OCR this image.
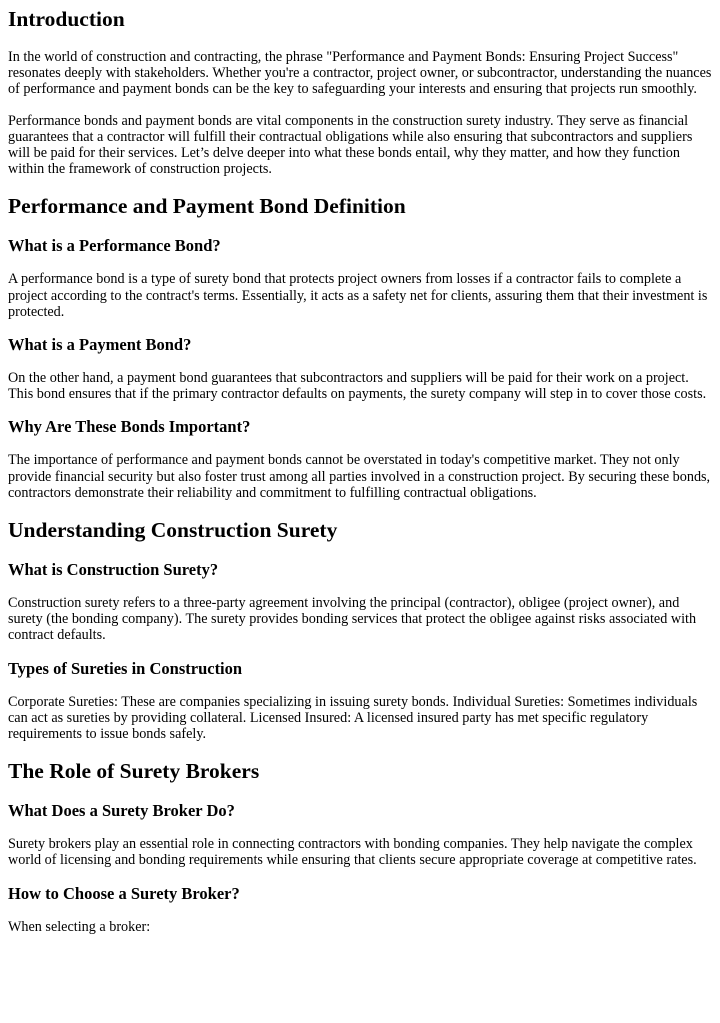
Introduction

In the world of construction and contracting, the phrase "Performance and Payment Bonds: Ensuring Project Success" resonates deeply with stakeholders. Whether you're a contractor, project owner, or subcontractor, understanding the nuances of performance and payment bonds can be the key to safeguarding your interests and ensuring that projects run smoothly.

Performance bonds and payment bonds are vital components in the construction surety industry. They serve as financial guarantees that a contractor will fulfill their contractual obligations while also ensuring that subcontractors and suppliers will be paid for their services. Let’s delve deeper into what these bonds entail, why they matter, and how they function within the framework of construction projects.

Performance and Payment Bond Definition
What is a Performance Bond?

A performance bond is a type of surety bond that protects project owners from losses if a contractor fails to complete a project according to the contract's terms. Essentially, it acts as a safety net for clients, assuring them that their investment is protected.

What is a Payment Bond?

On the other hand, a payment bond guarantees that subcontractors and suppliers will be paid for their work on a project. This bond ensures that if the primary contractor defaults on payments, the surety company will step in to cover those costs.

Why Are These Bonds Important?

The importance of performance and payment bonds cannot be overstated in today's competitive market. They not only provide financial security but also foster trust among all parties involved in a construction project. By securing these bonds, contractors demonstrate their reliability and commitment to fulfilling contractual obligations.

Understanding Construction Surety
What is Construction Surety?

Construction surety refers to a three-party agreement involving the principal (contractor), obligee (project owner), and surety (the bonding company). The surety provides bonding services that protect the obligee against risks associated with contract defaults.

Types of Sureties in Construction

Corporate Sureties: These are companies specializing in issuing surety bonds. Individual Sureties: Sometimes individuals can act as sureties by providing collateral. Licensed Insured: A licensed insured party has met specific regulatory requirements to issue bonds safely.

The Role of Surety Brokers
What Does a Surety Broker Do?

Surety brokers play an essential role in connecting contractors with bonding companies. They help navigate the complex world of licensing and bonding requirements while ensuring that clients secure appropriate coverage at competitive rates.

How to Choose a Surety Broker?

When selecting a broker:
